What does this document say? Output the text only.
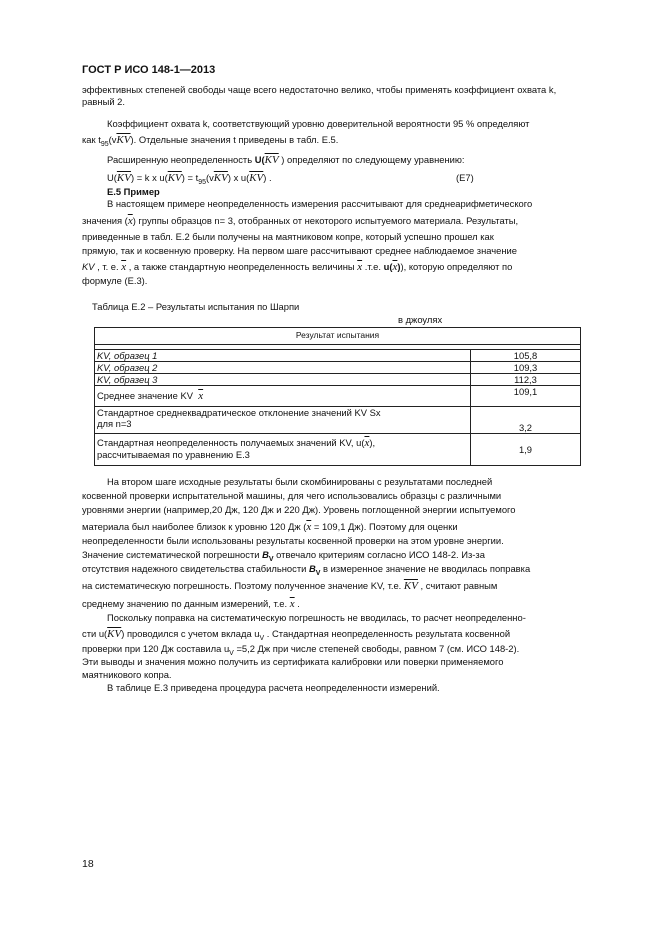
ГОСТ Р ИСО 148-1—2013
эффективных степеней свободы чаще всего недостаточно велико, чтобы применять коэффициент охвата k,
равный 2.
Коэффициент охвата k, соответствующий уровню доверительной вероятности 95 % определяют
как $t_{95}(v\overline{KV})$. Отдельные значения t приведены в табл. Е.5.
Расширенную неопределенность $U(\overline{KV}$ ) определяют по следующему уравнению:
$U(\overline{KV}) = k$ x $u(\overline{KV}) = t_{95}(v\overline{KV})$ x $u(\overline{KV})$ .	(E7)
Е.5 Пример
В настоящем примере неопределенность измерения рассчитывают для среднеарифметического
значения $(\overline{x})$ группы образцов n= 3, отобранных от некоторого испытуемого материала. Результаты,
приведенные в табл. Е.2 были получены на маятниковом копре, который успешно прошел как
прямую, так и косвенную проверку. На первом шаге рассчитывают среднее наблюдаемое значение
KV , т. е. $\overline{x}$ , а также стандартную неопределенность величины $\overline{x}$ .т.е. $u(\overline{x})$), которую определяют по
формуле (Е.3).
Таблица Е.2 – Результаты испытания по Шарпи
в джоулях
Результат испытания	

KV, образец 1	105,8
KV, образец 2	109,3
KV, образец 3	112,3
Среднее значение KV $\overline{x}$	109,1

Стандартное среднеквадратическое отклонение значений KV Sx
для n=3	3,2

Стандартная неопределенность получаемых значений KV, $u(\overline{x})$,
рассчитываемая по уравнению Е.3	1,9
На втором шаге исходные результаты были скомбинированы с результатами последней
косвенной проверки испрытательной машины, для чего использовались образцы с различными
уровнями энергии (например,20 Дж, 120 Дж и 220 Дж). Уровень поглощенной энергии испытуемого
материала был наиболее близок к уровню 120 Дж ($\overline{x} = 109,1$ Дж). Поэтому для оценки
неопределенности были использованы результаты косвенной проверки на этом уровне энергии.
Значение систематической погрешности $B_V$ отвечало критериям согласно ИСО 148-2. Из-за
отсутствия надежного свидетельства стабильности $B_V$ в измеренное значение не вводилась поправка
на систематическую погрешность. Поэтому полученное значение KV, т.е. $\overline{KV}$ , считают равным
среднему значению по данным измерений, т.е. $\overline{x}$ .
Поскольку поправка на систематическую погрешность не вводилась, то расчет неопределенно-
сти $u(\overline{KV})$ проводился с учетом вклада $u_V$ . Стандартная неопределенность результата косвенной
проверки при 120 Дж составила $u_V =5,2$ Дж при числе степеней свободы, равном 7 (см. ИСО 148-2).
Эти выводы и значения можно получить из сертификата калибровки или поверки применяемого
маятникового копра.
В таблице Е.3 приведена процедура расчета неопределенности измерений.
18
